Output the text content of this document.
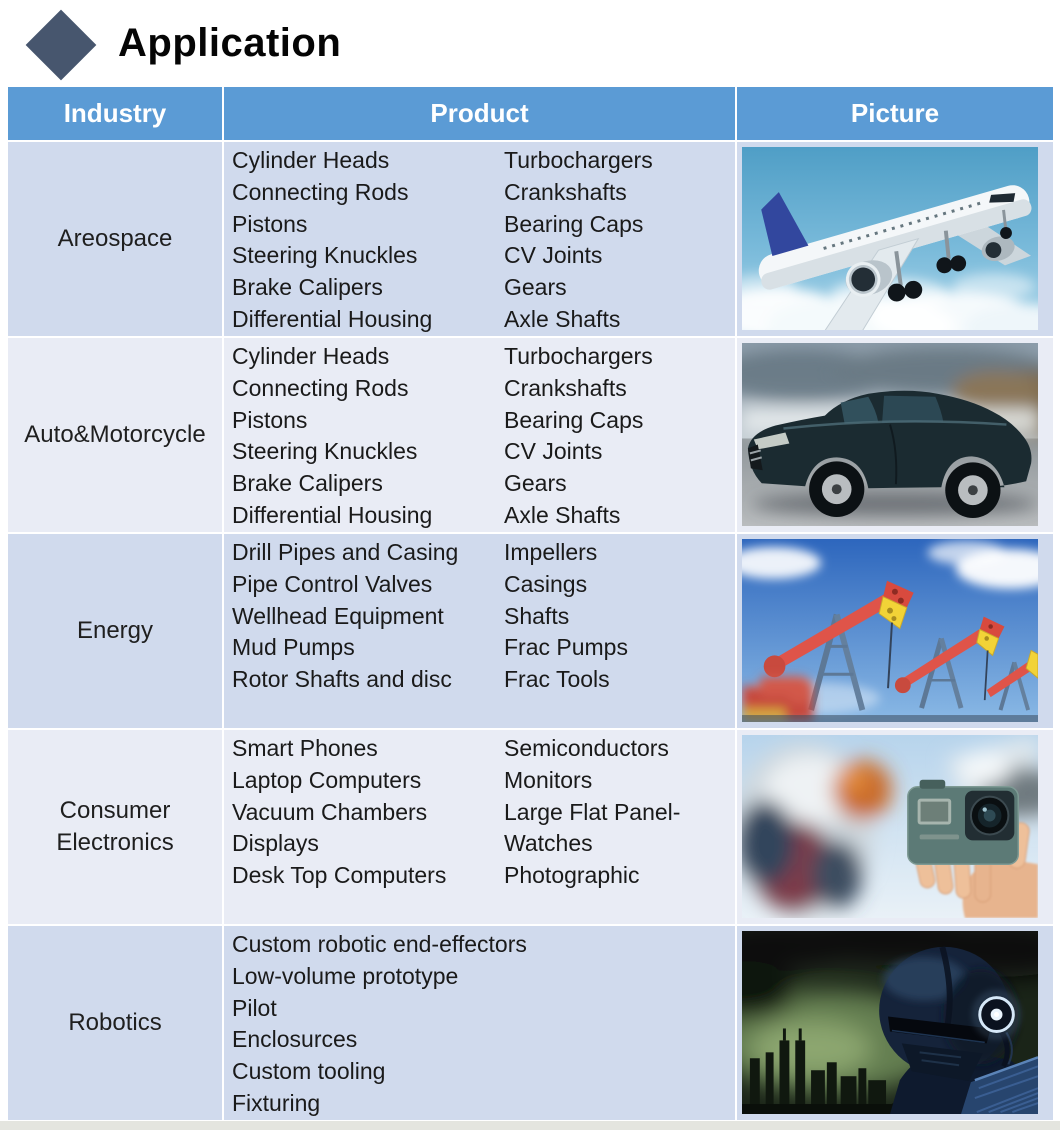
Application
Industry	Product	Picture
Areospace
Cylinder Heads
Connecting Rods
Pistons
Steering Knuckles
Brake Calipers
Differential Housing
Turbochargers
Crankshafts
Bearing Caps
CV Joints
Gears
Axle Shafts
Auto&Motorcycle
Cylinder Heads
Connecting Rods
Pistons
Steering Knuckles
Brake Calipers
Differential Housing
Turbochargers
Crankshafts
Bearing Caps
CV Joints
Gears
Axle Shafts
Energy
Drill Pipes and Casing
Pipe Control Valves
Wellhead Equipment
Mud Pumps
Rotor Shafts and disc
Impellers
Casings
Shafts
Frac Pumps
Frac Tools
Consumer Electronics
Smart Phones
Laptop Computers
Vacuum Chambers
Displays
Desk Top Computers
Semiconductors
Monitors
Large Flat Panel-
Watches
Photographic
Robotics
Custom robotic end-effectors
Low-volume prototype
Pilot
Enclosurces
Custom tooling
Fixturing
